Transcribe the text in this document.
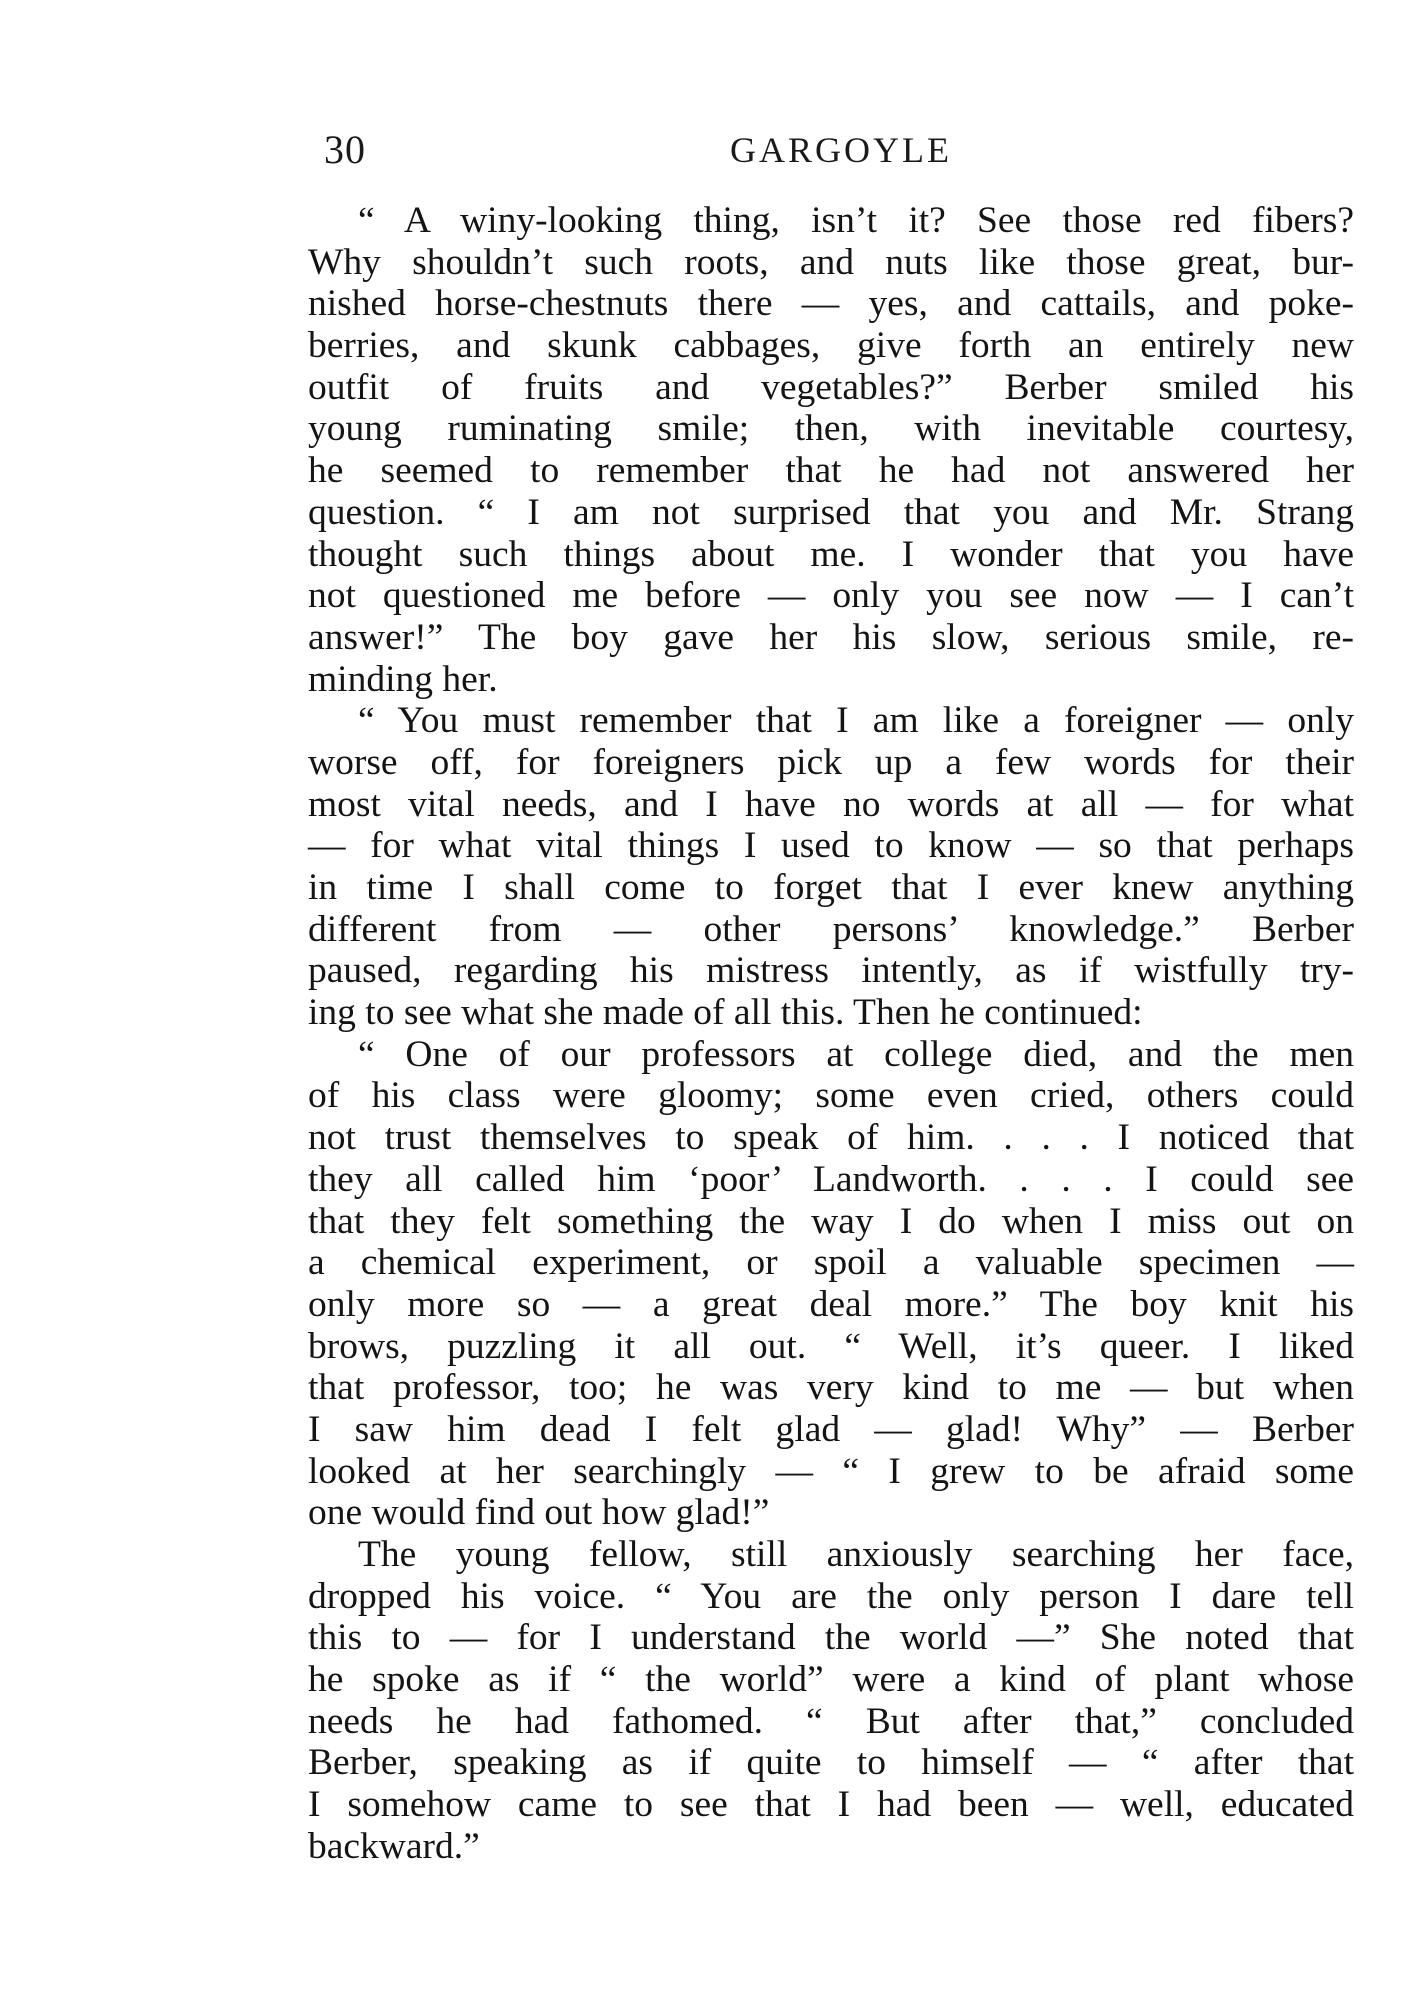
30	GARGOYLE
“ A winy-looking thing, isn’t it? See those red fibers?
Why shouldn’t such roots, and nuts like those great, bur-
nished horse-chestnuts there — yes, and cattails, and poke-
berries, and skunk cabbages, give forth an entirely new
outfit of fruits and vegetables?” Berber smiled his
young ruminating smile; then, with inevitable courtesy,
he seemed to remember that he had not answered her
question. “ I am not surprised that you and Mr. Strang
thought such things about me. I wonder that you have
not questioned me before — only you see now — I can’t
answer!” The boy gave her his slow, serious smile, re-
minding her.
“ You must remember that I am like a foreigner — only
worse off, for foreigners pick up a few words for their
most vital needs, and I have no words at all — for what
— for what vital things I used to know — so that perhaps
in time I shall come to forget that I ever knew anything
different from — other persons’ knowledge.” Berber
paused, regarding his mistress intently, as if wistfully try-
ing to see what she made of all this. Then he continued:
“ One of our professors at college died, and the men
of his class were gloomy; some even cried, others could
not trust themselves to speak of him. . . . I noticed that
they all called him ‘poor’ Landworth. . . . I could see
that they felt something the way I do when I miss out on
a chemical experiment, or spoil a valuable specimen —
only more so — a great deal more.” The boy knit his
brows, puzzling it all out. “ Well, it’s queer. I liked
that professor, too; he was very kind to me — but when
I saw him dead I felt glad — glad! Why” — Berber
looked at her searchingly — “ I grew to be afraid some
one would find out how glad!”
The young fellow, still anxiously searching her face,
dropped his voice. “ You are the only person I dare tell
this to — for I understand the world —” She noted that
he spoke as if “ the world” were a kind of plant whose
needs he had fathomed. “ But after that,” concluded
Berber, speaking as if quite to himself — “ after that
I somehow came to see that I had been — well, educated
backward.”
